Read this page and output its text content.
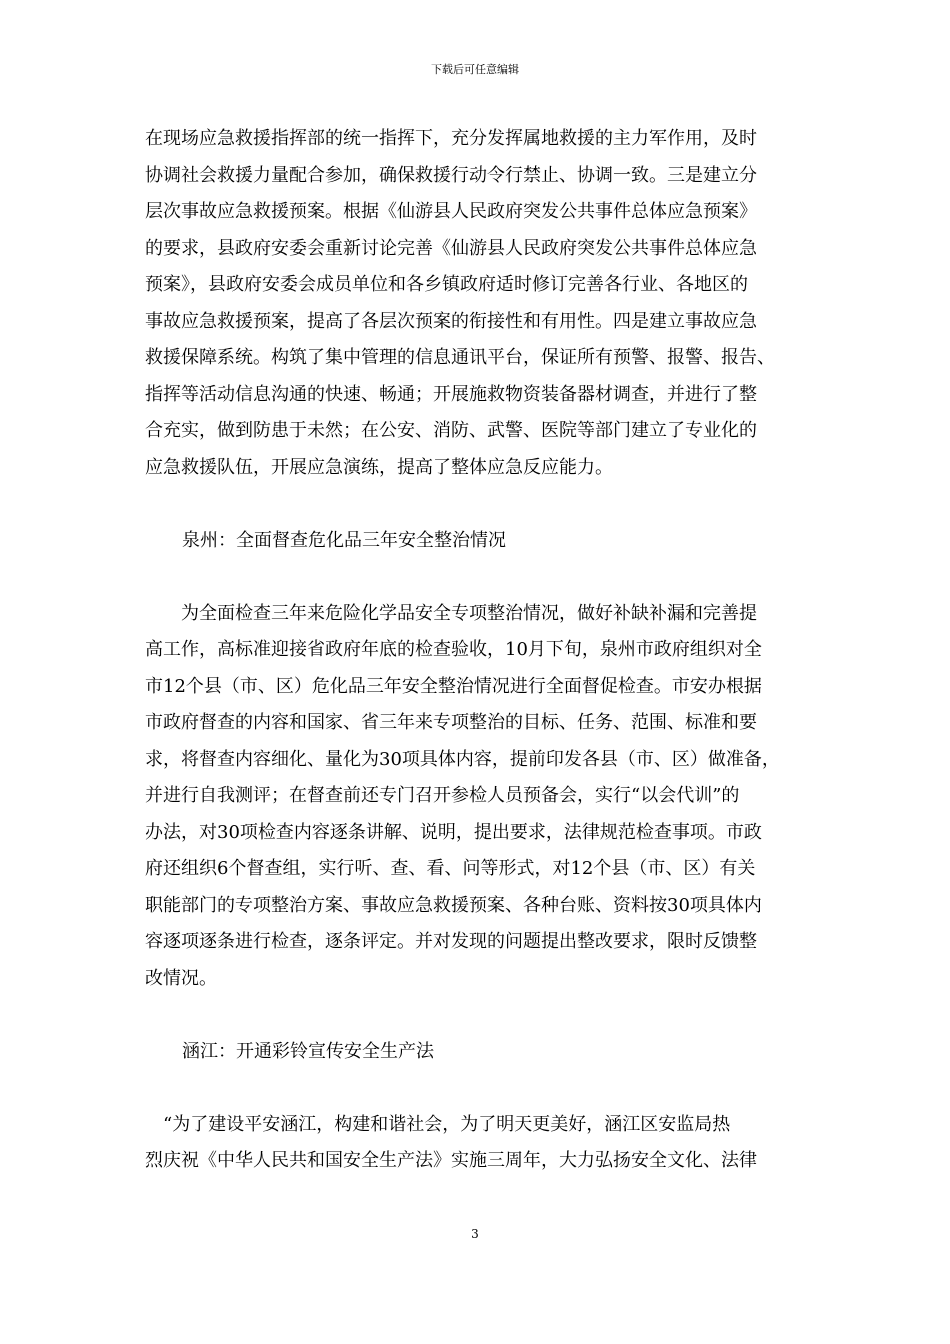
下载后可任意编辑
在现场应急救援指挥部的统一指挥下，充分发挥属地救援的主力军作用，及时
协调社会救援力量配合参加，确保救援行动令行禁止、协调一致。三是建立分
层次事故应急救援预案。根据《仙游县人民政府突发公共事件总体应急预案》
的要求，县政府安委会重新讨论完善《仙游县人民政府突发公共事件总体应急
预案》，县政府安委会成员单位和各乡镇政府适时修订完善各行业、各地区的
事故应急救援预案，提高了各层次预案的衔接性和有用性。四是建立事故应急
救援保障系统。构筑了集中管理的信息通讯平台，保证所有预警、报警、报告、
指挥等活动信息沟通的快速、畅通；开展施救物资装备器材调查，并进行了整
合充实，做到防患于未然；在公安、消防、武警、医院等部门建立了专业化的
应急救援队伍，开展应急演练，提高了整体应急反应能力。
泉州：全面督查危化品三年安全整治情况
　　为全面检查三年来危险化学品安全专项整治情况，做好补缺补漏和完善提
高工作，高标准迎接省政府年底的检查验收，10月下旬，泉州市政府组织对全
市12个县（市、区）危化品三年安全整治情况进行全面督促检查。市安办根据
市政府督查的内容和国家、省三年来专项整治的目标、任务、范围、标准和要
求，将督查内容细化、量化为30项具体内容，提前印发各县（市、区）做准备，
并进行自我测评；在督查前还专门召开参检人员预备会，实行“以会代训”的
办法，对30项检查内容逐条讲解、说明，提出要求，法律规范检查事项。市政
府还组织6个督查组，实行听、查、看、问等形式，对12个县（市、区）有关
职能部门的专项整治方案、事故应急救援预案、各种台账、资料按30项具体内
容逐项逐条进行检查，逐条评定。并对发现的问题提出整改要求，限时反馈整
改情况。
涵江：开通彩铃宣传安全生产法
　“为了建设平安涵江，构建和谐社会，为了明天更美好，涵江区安监局热
烈庆祝《中华人民共和国安全生产法》实施三周年，大力弘扬安全文化、法律
3
